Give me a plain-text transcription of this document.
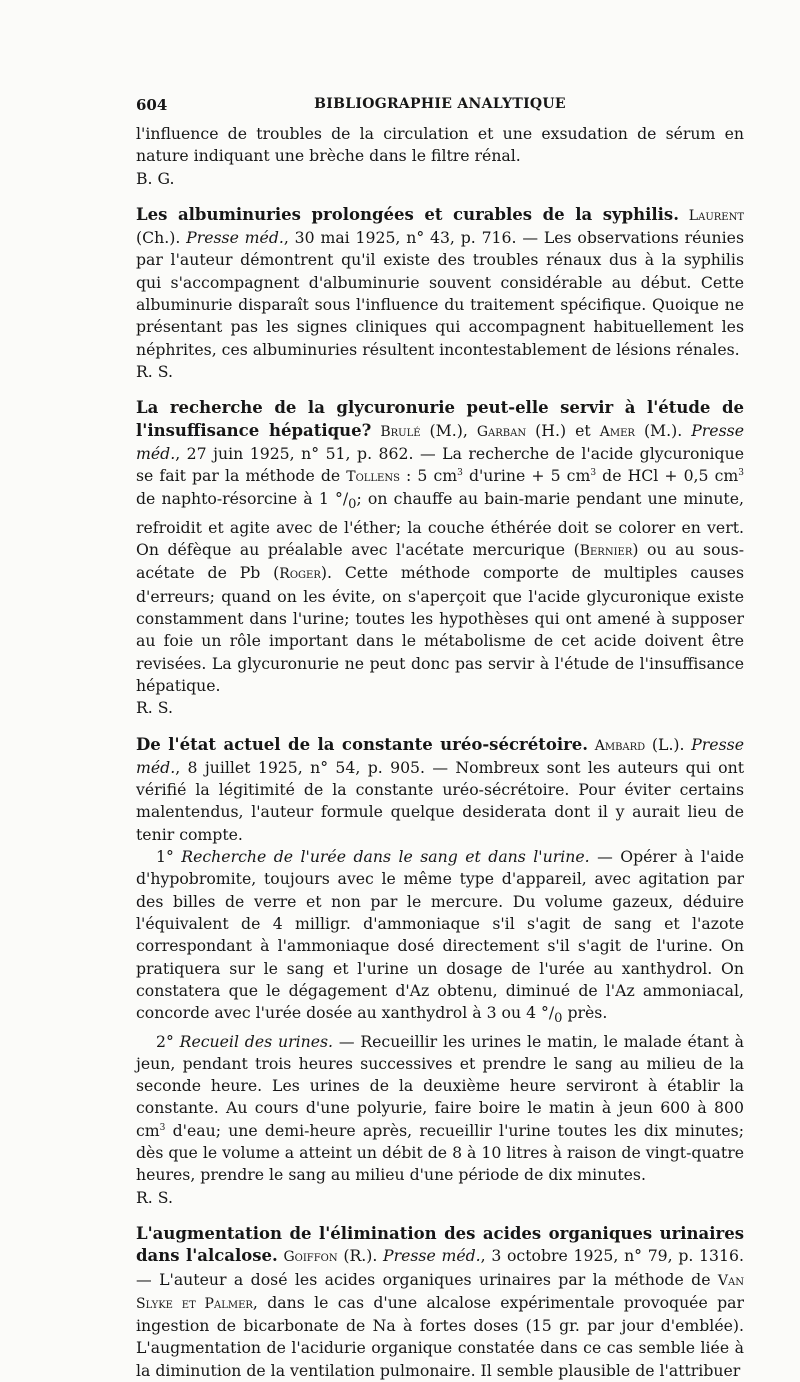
604	BIBLIOGRAPHIE ANALYTIQUE

l'influence de troubles de la circulation et une exsudation de sérum en nature indiquant une brèche dans le filtre rénal.

B. G.

Les albuminuries prolongées et curables de la syphilis. Laurent (Ch.). Presse méd., 30 mai 1925, n° 43, p. 716. — Les observations réunies par l'auteur démontrent qu'il existe des troubles rénaux dus à la syphilis qui s'accompagnent d'albuminurie souvent considérable au début. Cette albuminurie disparaît sous l'influence du traitement spécifique. Quoique ne présentant pas les signes cliniques qui accompagnent habituellement les néphrites, ces albuminuries résultent incontestablement de lésions rénales.

R. S.

La recherche de la glycuronurie peut-elle servir à l'étude de l'insuffisance hépatique? Brulé (M.), Garban (H.) et Amer (M.). Presse méd., 27 juin 1925, n° 51, p. 862. — La recherche de l'acide glycuronique se fait par la méthode de Tollens : 5 $cm^3$ d'urine + 5 $cm^3$ de HCl + 0,5 $cm^3$ de naphto-résorcine à 1 $^\circ/_0$; on chauffe au bain-marie pendant une minute, refroidit et agite avec de l'éther; la couche éthérée doit se colorer en vert. On défèque au préalable avec l'acétate mercurique (Bernier) ou au sous-acétate de Pb (Roger). Cette méthode comporte de multiples causes d'erreurs; quand on les évite, on s'aperçoit que l'acide glycuronique existe constamment dans l'urine; toutes les hypothèses qui ont amené à supposer au foie un rôle important dans le métabolisme de cet acide doivent être revisées. La glycuronurie ne peut donc pas servir à l'étude de l'insuffisance hépatique.

R. S.

De l'état actuel de la constante uréo-sécrétoire. Ambard (L.). Presse méd., 8 juillet 1925, n° 54, p. 905. — Nombreux sont les auteurs qui ont vérifié la légitimité de la constante uréo-sécrétoire. Pour éviter certains malentendus, l'auteur formule quelque desiderata dont il y aurait lieu de tenir compte.

1° Recherche de l'urée dans le sang et dans l'urine. — Opérer à l'aide d'hypobromite, toujours avec le même type d'appareil, avec agitation par des billes de verre et non par le mercure. Du volume gazeux, déduire l'équivalent de 4 milligr. d'ammoniaque s'il s'agit de sang et l'azote correspondant à l'ammoniaque dosé directement s'il s'agit de l'urine. On pratiquera sur le sang et l'urine un dosage de l'urée au xanthydrol. On constatera que le dégagement d'Az obtenu, diminué de l'Az ammoniacal, concorde avec l'urée dosée au xanthydrol à 3 ou 4 $^\circ/_0$ près.

2° Recueil des urines. — Recueillir les urines le matin, le malade étant à jeun, pendant trois heures successives et prendre le sang au milieu de la seconde heure. Les urines de la deuxième heure serviront à établir la constante. Au cours d'une polyurie, faire boire le matin à jeun 600 à 800 $cm^3$ d'eau; une demi-heure après, recueillir l'urine toutes les dix minutes; dès que le volume a atteint un débit de 8 à 10 litres à raison de vingt-quatre heures, prendre le sang au milieu d'une période de dix minutes.

R. S.

L'augmentation de l'élimination des acides organiques urinaires dans l'alcalose. Goiffon (R.). Presse méd., 3 octobre 1925, n° 79, p. 1316. — L'auteur a dosé les acides organiques urinaires par la méthode de Van Slyke et Palmer, dans le cas d'une alcalose expérimentale provoquée par ingestion de bicarbonate de Na à fortes doses (15 gr. par jour d'emblée). L'augmentation de l'acidurie organique constatée dans ce cas semble liée à la diminution de la ventilation pulmonaire. Il semble plausible de l'attribuer
